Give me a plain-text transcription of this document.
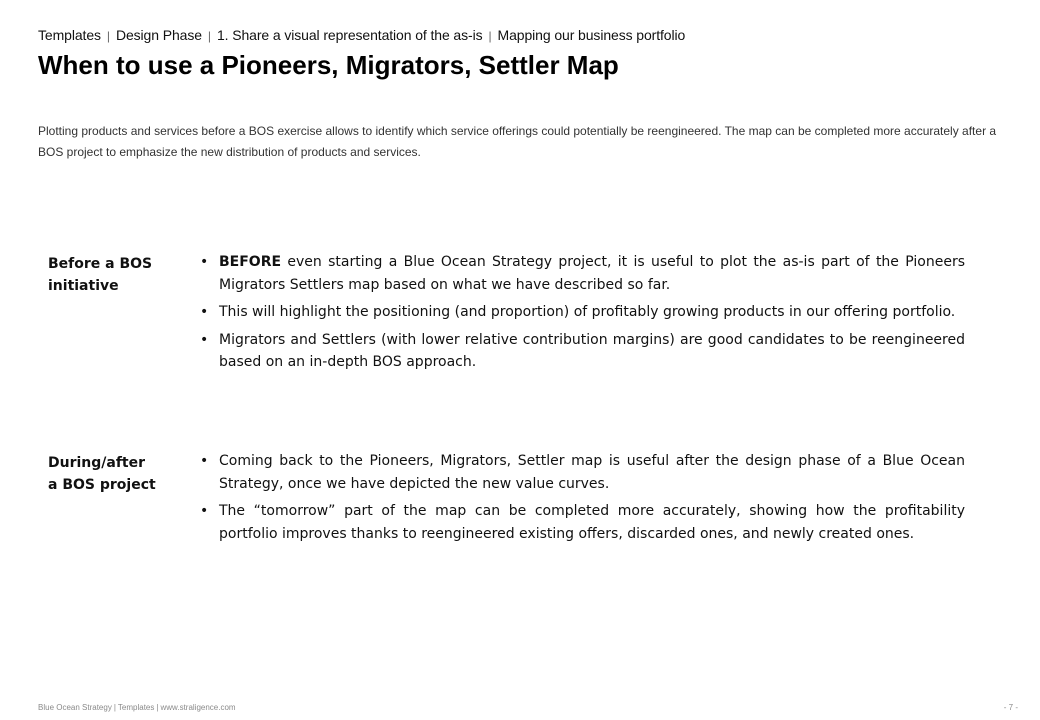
Templates | Design Phase | 1. Share a visual representation of the as-is | Mapping our business portfolio
When to use a Pioneers, Migrators, Settler Map

Plotting products and services before a BOS exercise allows to identify which service offerings could potentially be reengineered. The map can be completed more accurately after a BOS project to emphasize the new distribution of products and services.

Before a BOS initiative
• BEFORE even starting a Blue Ocean Strategy project, it is useful to plot the as-is part of the Pioneers Migrators Settlers map based on what we have described so far.
• This will highlight the positioning (and proportion) of profitably growing products in our offering portfolio.
• Migrators and Settlers (with lower relative contribution margins) are good candidates to be reengineered based on an in-depth BOS approach.
During/after a BOS project
• Coming back to the Pioneers, Migrators, Settler map is useful after the design phase of a Blue Ocean Strategy, once we have depicted the new value curves.
• The “tomorrow” part of the map can be completed more accurately, showing how the profitability portfolio improves thanks to reengineered existing offers, discarded ones, and newly created ones.
Blue Ocean Strategy | Templates | www.straligence.com	- 7 -
